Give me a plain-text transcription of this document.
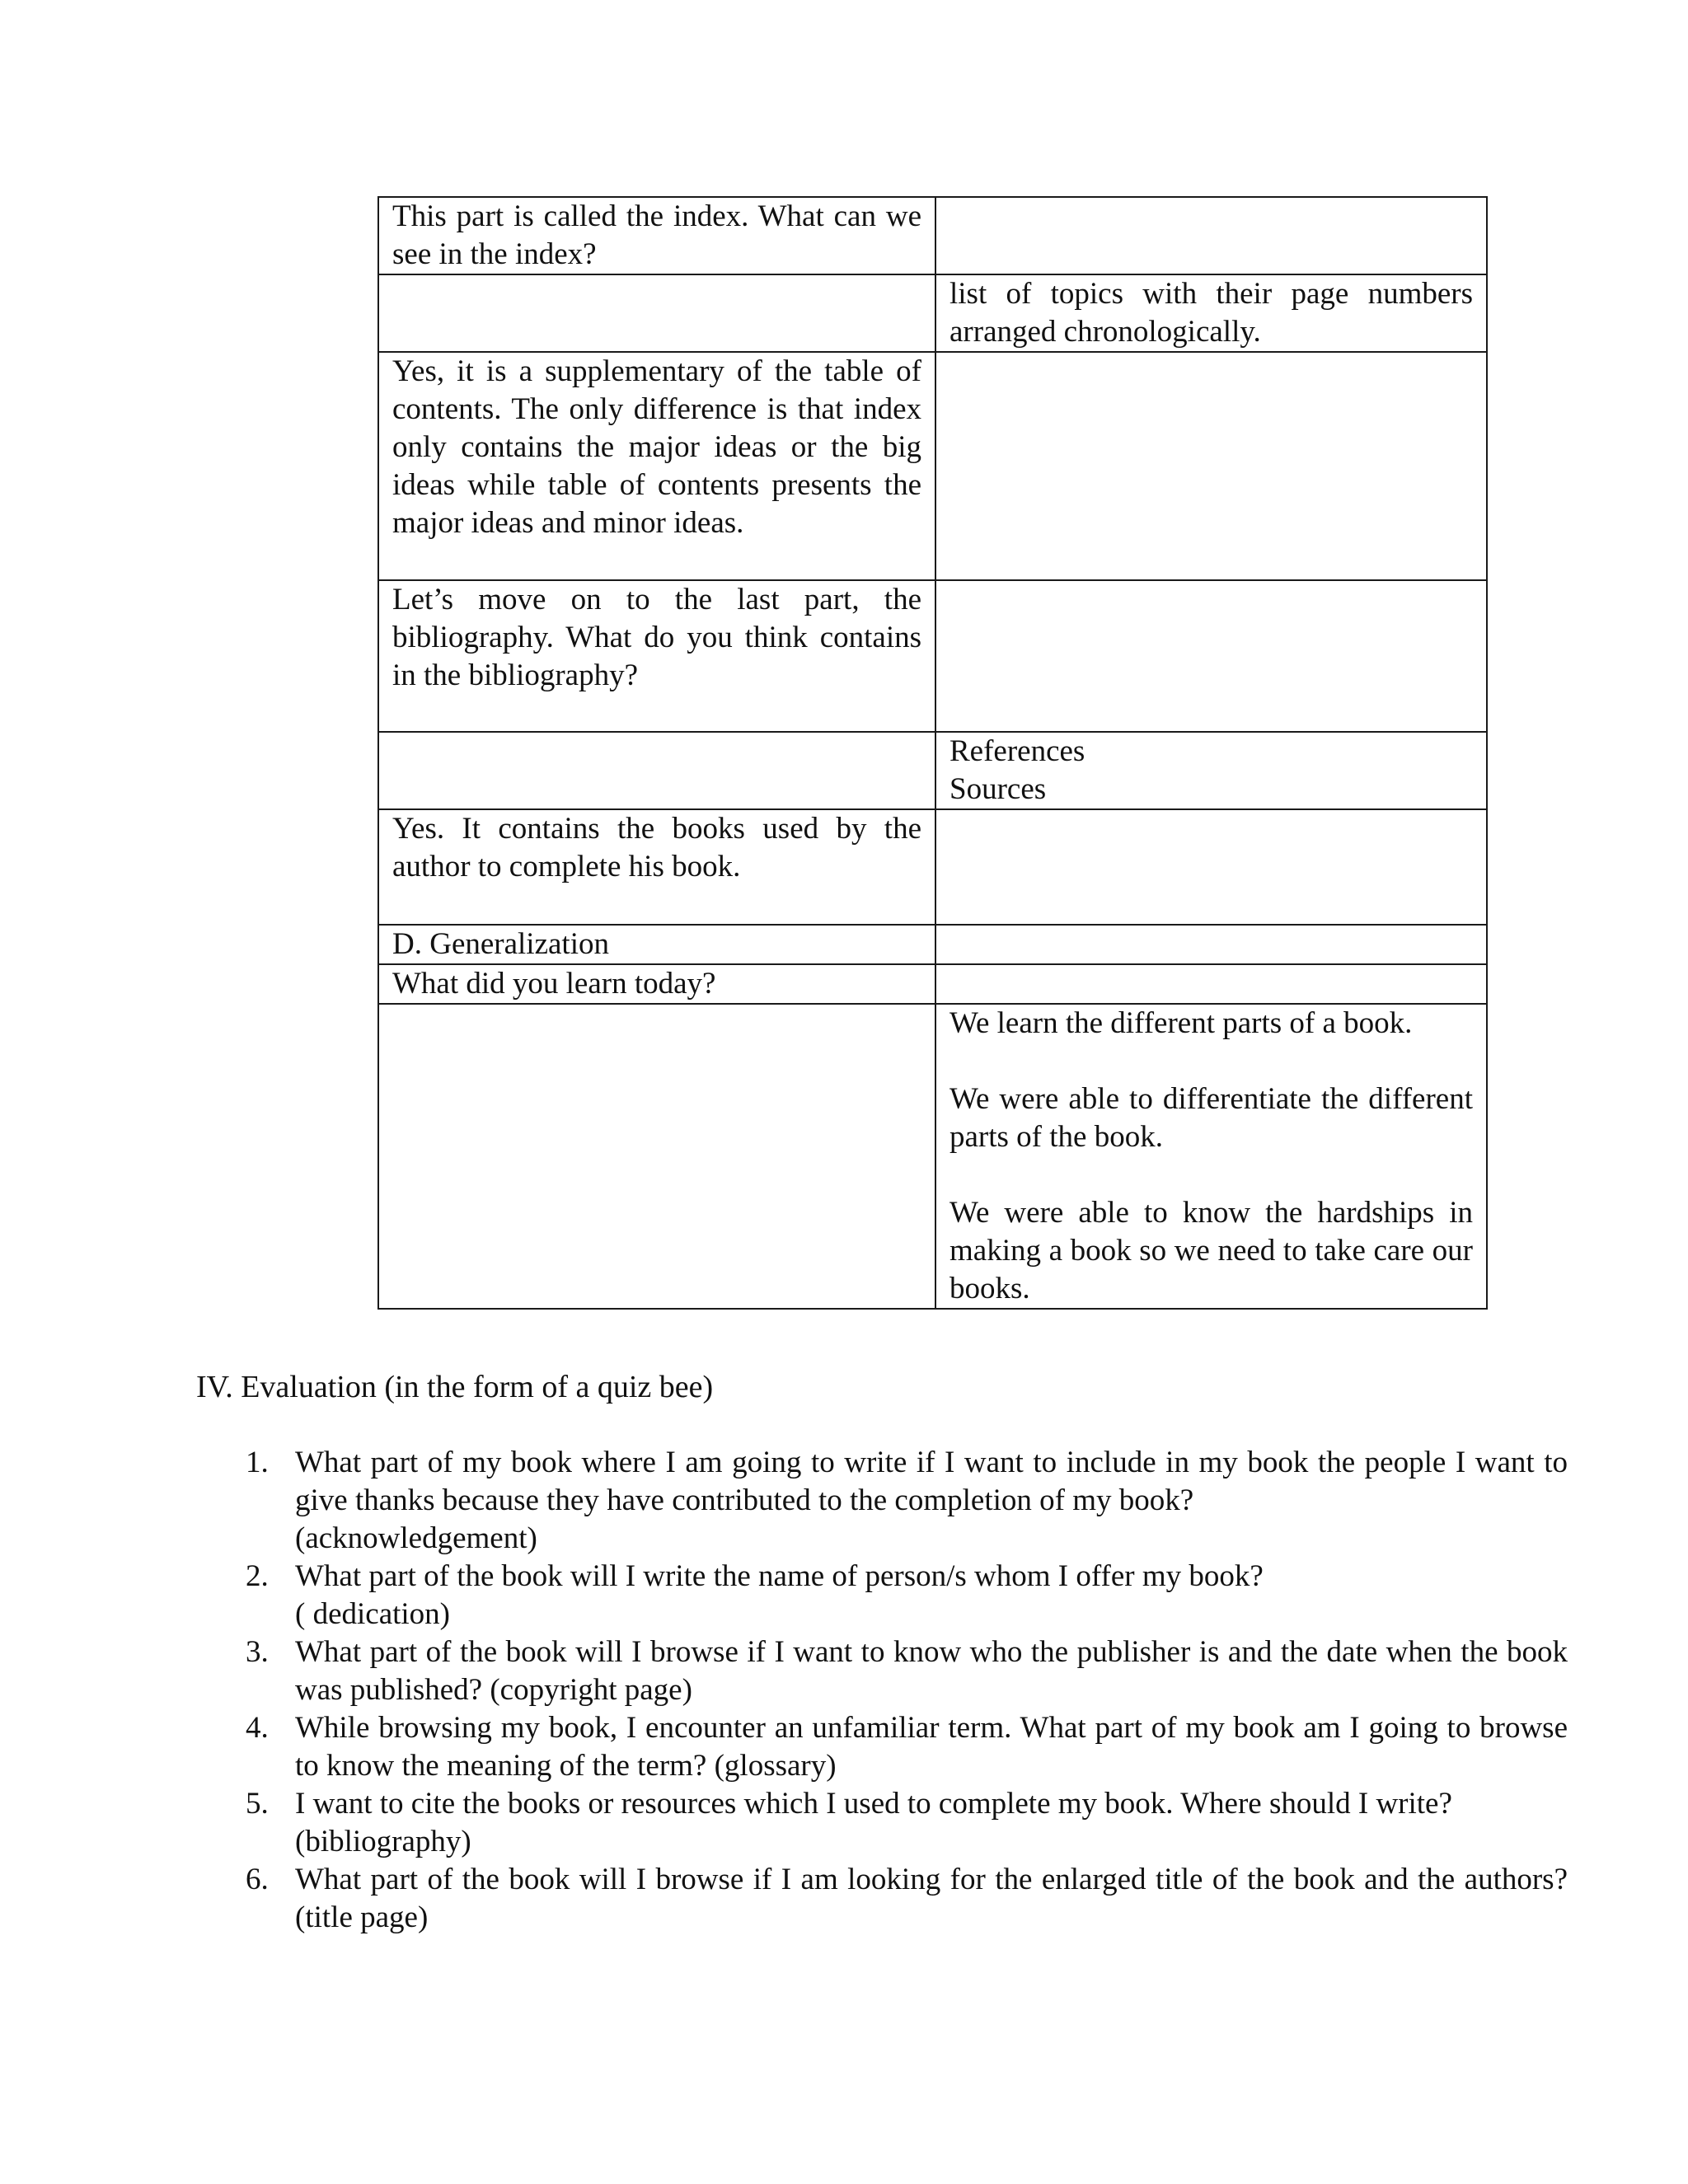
This part is called the index. What can we see in the index?	
	list of topics with their page numbers arranged chronologically.
Yes, it is a supplementary of the table of contents. The only difference is that index only contains the major ideas or the big ideas while table of contents presents the major ideas and minor ideas.	
Let’s move on to the last part, the bibliography. What do you think contains in the bibliography?	

	References
Sources

Yes. It contains the books used by the author to complete his book.	
D. Generalization	
What did you learn today?	

	We learn the different parts of a book.
We were able to differentiate the different parts of the book.
We were able to know the hardships in making a book so we need to take care our books.
IV. Evaluation (in the form of a quiz bee)
1. What part of my book where I am going to write if I want to include in my book the people I want to give thanks because they have contributed to the completion of my book?
(acknowledgement)
2. What part of the book will I write the name of person/s whom I offer my book?
( dedication)
3. What part of the book will I browse if I want to know who the publisher is and the date when the book was published? (copyright page)
4. While browsing my book, I encounter an unfamiliar term. What part of my book am I going to browse to know the meaning of the term? (glossary)
5. I want to cite the books or resources which I used to complete my book. Where should I write?
(bibliography)
6. What part of the book will I browse if I am looking for the enlarged title of the book and the authors? (title page)
